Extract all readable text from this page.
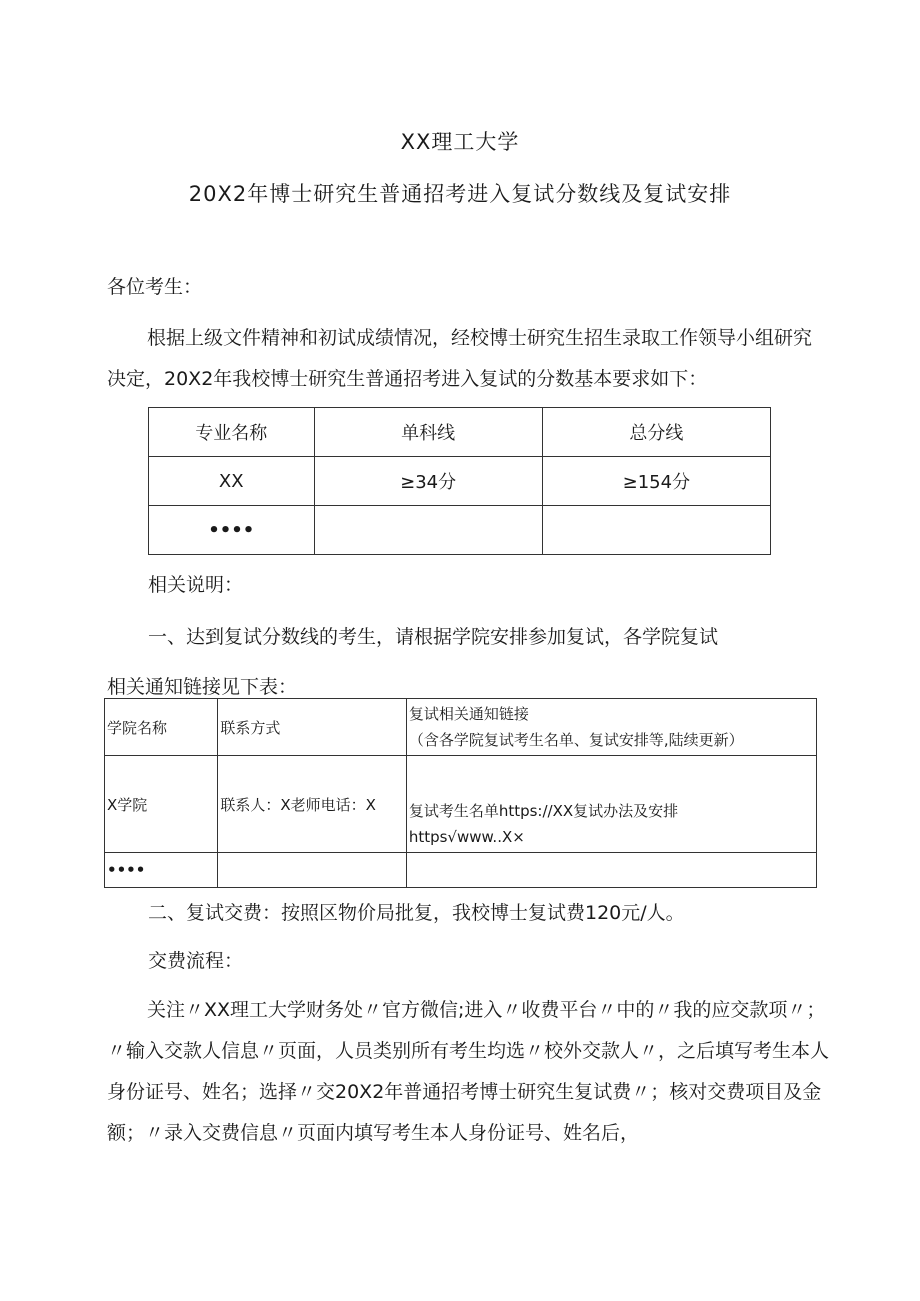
XX理工大学
20X2年博士研究生普通招考进入复试分数线及复试安排
各位考生：
根据上级文件精神和初试成绩情况，经校博士研究生招生录取工作领导小组研究决定，20X2年我校博士研究生普通招考进入复试的分数基本要求如下：
专业名称	单科线	总分线
XX	≥34分	≥154分
••••		
相关说明：
一、达到复试分数线的考生，请根据学院安排参加复试，各学院复试
相关通知链接见下表：
学院名称	联系方式	复试相关通知链接
（含各学院复试考生名单、复试安排等,陆续更新）

X学院	联系人：X老师电话：X	复试考生名单https://XX复试办法及安排
https√www..X×

••••		
二、复试交费：按照区物价局批复，我校博士复试费120元/人。
交费流程：
关注〃XX理工大学财务处〃官方微信;进入〃收费平台〃中的〃我的应交款项〃；〃输入交款人信息〃页面，人员类别所有考生均选〃校外交款人〃，之后填写考生本人身份证号、姓名；选择〃交20X2年普通招考博士研究生复试费〃；核对交费项目及金额；〃录入交费信息〃页面内填写考生本人身份证号、姓名后，
